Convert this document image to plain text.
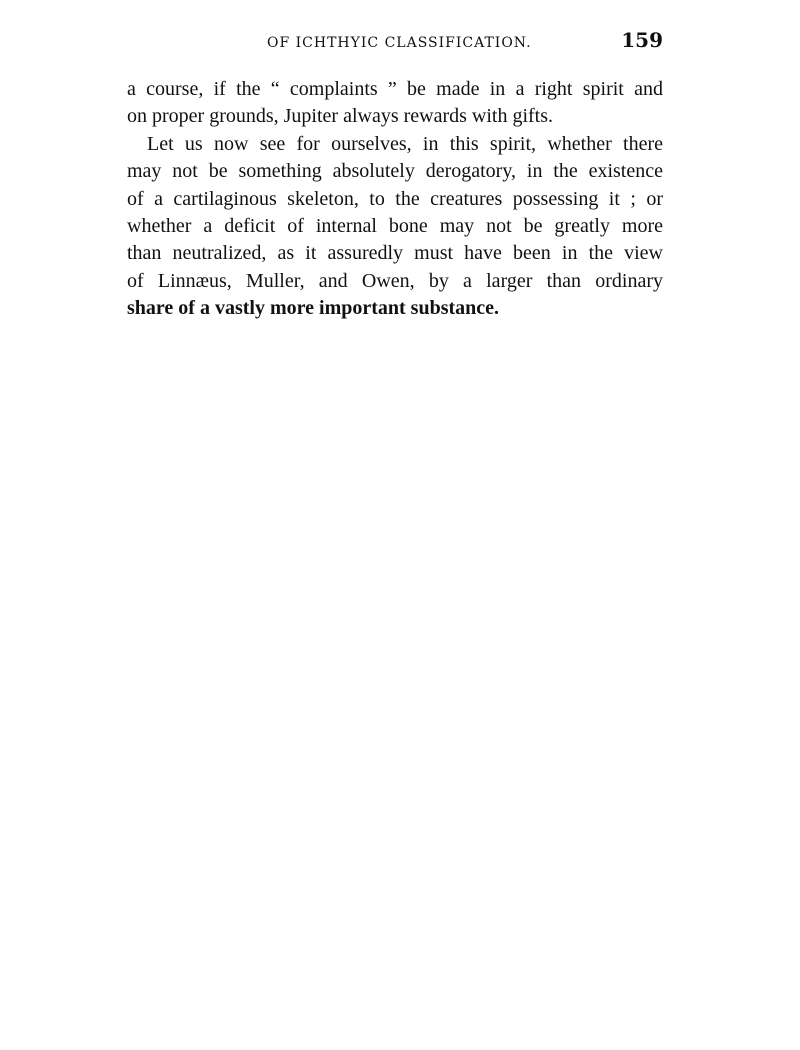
OF ICHTHYIC CLASSIFICATION.	159
a course, if the “ complaints ” be made in a right spirit and
on proper grounds, Jupiter always rewards with gifts.
Let us now see for ourselves, in this spirit, whether there
may not be something absolutely derogatory, in the existence
of a cartilaginous skeleton, to the creatures possessing it ; or
whether a deficit of internal bone may not be greatly more
than neutralized, as it assuredly must have been in the view
of Linnæus, Muller, and Owen, by a larger than ordinary
share of a vastly more important substance.
